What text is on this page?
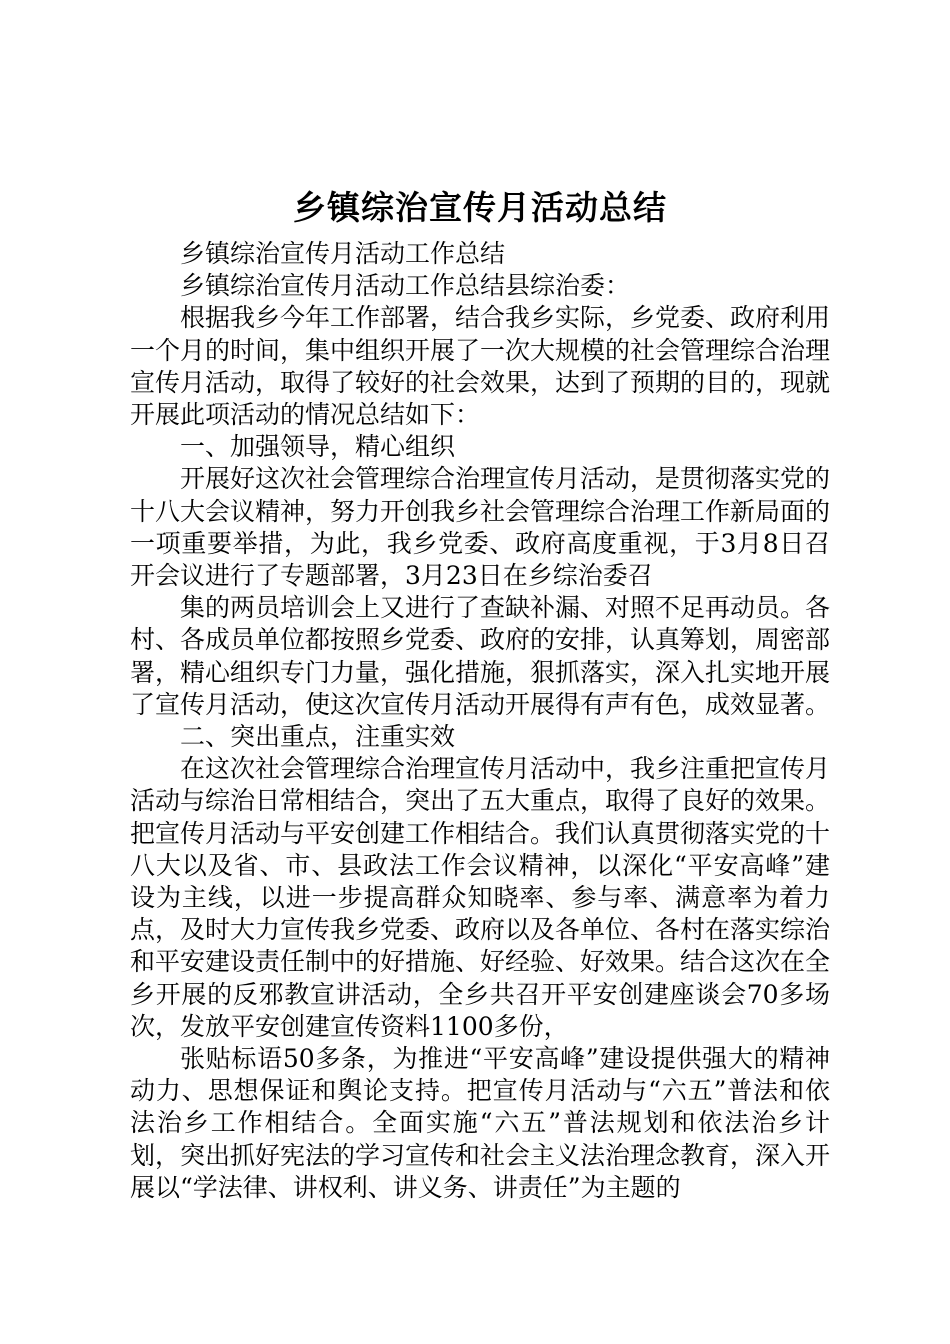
乡镇综治宣传月活动总结

乡镇综治宣传月活动工作总结

乡镇综治宣传月活动工作总结县综治委：

根据我乡今年工作部署，结合我乡实际，乡党委、政府利用一个月的时间，集中组织开展了一次大规模的社会管理综合治理宣传月活动，取得了较好的社会效果，达到了预期的目的，现就开展此项活动的情况总结如下：

一、加强领导，精心组织

开展好这次社会管理综合治理宣传月活动，是贯彻落实党的十八大会议精神，努力开创我乡社会管理综合治理工作新局面的一项重要举措，为此，我乡党委、政府高度重视，于3月8日召开会议进行了专题部署，3月23日在乡综治委召

集的两员培训会上又进行了查缺补漏、对照不足再动员。各村、各成员单位都按照乡党委、政府的安排，认真筹划，周密部署，精心组织专门力量，强化措施，狠抓落实，深入扎实地开展了宣传月活动，使这次宣传月活动开展得有声有色，成效显著。

二、突出重点，注重实效

在这次社会管理综合治理宣传月活动中，我乡注重把宣传月活动与综治日常相结合，突出了五大重点，取得了良好的效果。把宣传月活动与平安创建工作相结合。我们认真贯彻落实党的十八大以及省、市、县政法工作会议精神，以深化“平安高峰”建设为主线，以进一步提高群众知晓率、参与率、满意率为着力点，及时大力宣传我乡党委、政府以及各单位、各村在落实综治和平安建设责任制中的好措施、好经验、好效果。结合这次在全乡开展的反邪教宣讲活动，全乡共召开平安创建座谈会70多场次，发放平安创建宣传资料1100多份，

张贴标语50多条，为推进“平安高峰”建设提供强大的精神动力、思想保证和舆论支持。把宣传月活动与“六五”普法和依法治乡工作相结合。全面实施“六五”普法规划和依法治乡计划，突出抓好宪法的学习宣传和社会主义法治理念教育，深入开展以“学法律、讲权利、讲义务、讲责任”为主题的
